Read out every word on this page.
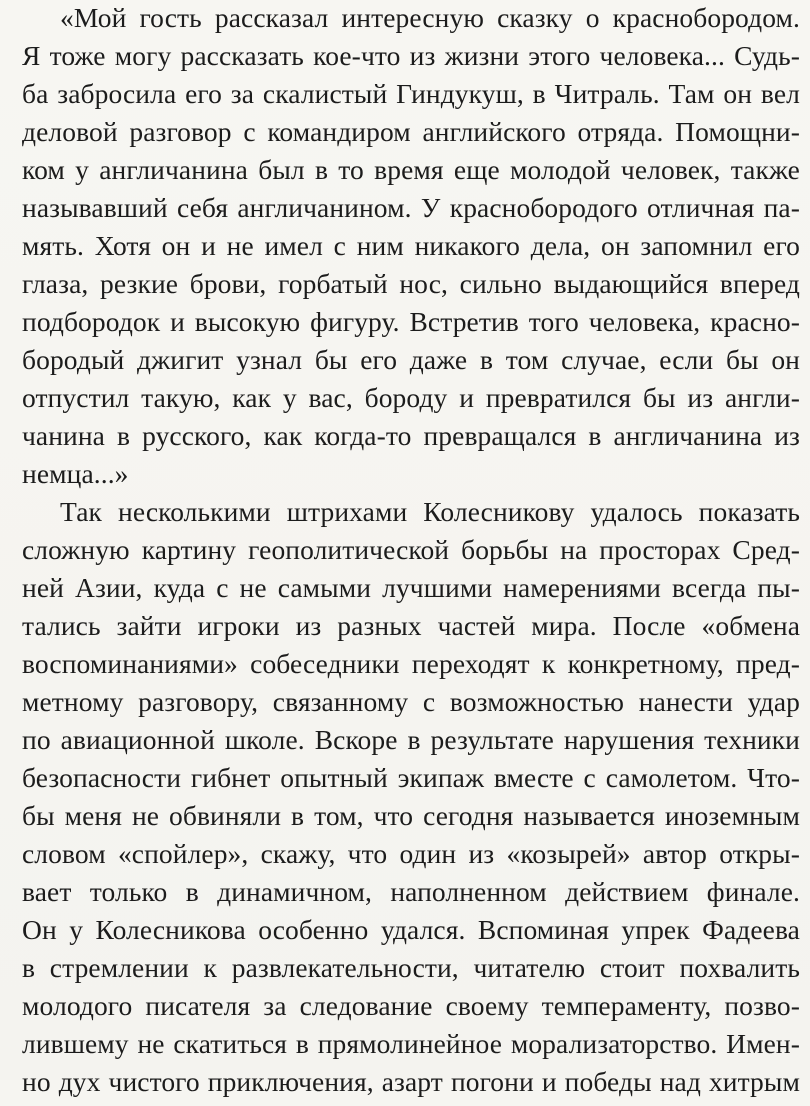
«Мой гость рассказал интересную сказку о краснобородом.
Я тоже могу рассказать кое-что из жизни этого человека... Судь-
ба забросила его за скалистый Гиндукуш, в Читраль. Там он вел
деловой разговор с командиром английского отряда. Помощни-
ком у англичанина был в то время еще молодой человек, также
называвший себя англичанином. У краснобородого отличная па-
мять. Хотя он и не имел с ним никакого дела, он запомнил его
глаза, резкие брови, горбатый нос, сильно выдающийся вперед
подбородок и высокую фигуру. Встретив того человека, красно-
бородый джигит узнал бы его даже в том случае, если бы он
отпустил такую, как у вас, бороду и превратился бы из англи-
чанина в русского, как когда-то превращался в англичанина из
немца...»
Так несколькими штрихами Колесникову удалось показать
сложную картину геополитической борьбы на просторах Сред-
ней Азии, куда с не самыми лучшими намерениями всегда пы-
тались зайти игроки из разных частей мира. После «обмена
воспоминаниями» собеседники переходят к конкретному, пред-
метному разговору, связанному с возможностью нанести удар
по авиационной школе. Вскоре в результате нарушения техники
безопасности гибнет опытный экипаж вместе с самолетом. Что-
бы меня не обвиняли в том, что сегодня называется иноземным
словом «спойлер», скажу, что один из «козырей» автор откры-
вает только в динамичном, наполненном действием финале.
Он у Колесникова особенно удался. Вспоминая упрек Фадеева
в стремлении к развлекательности, читателю стоит похвалить
молодого писателя за следование своему темпераменту, позво-
лившему не скатиться в прямолинейное морализаторство. Имен-
но дух чистого приключения, азарт погони и победы над хитрым
